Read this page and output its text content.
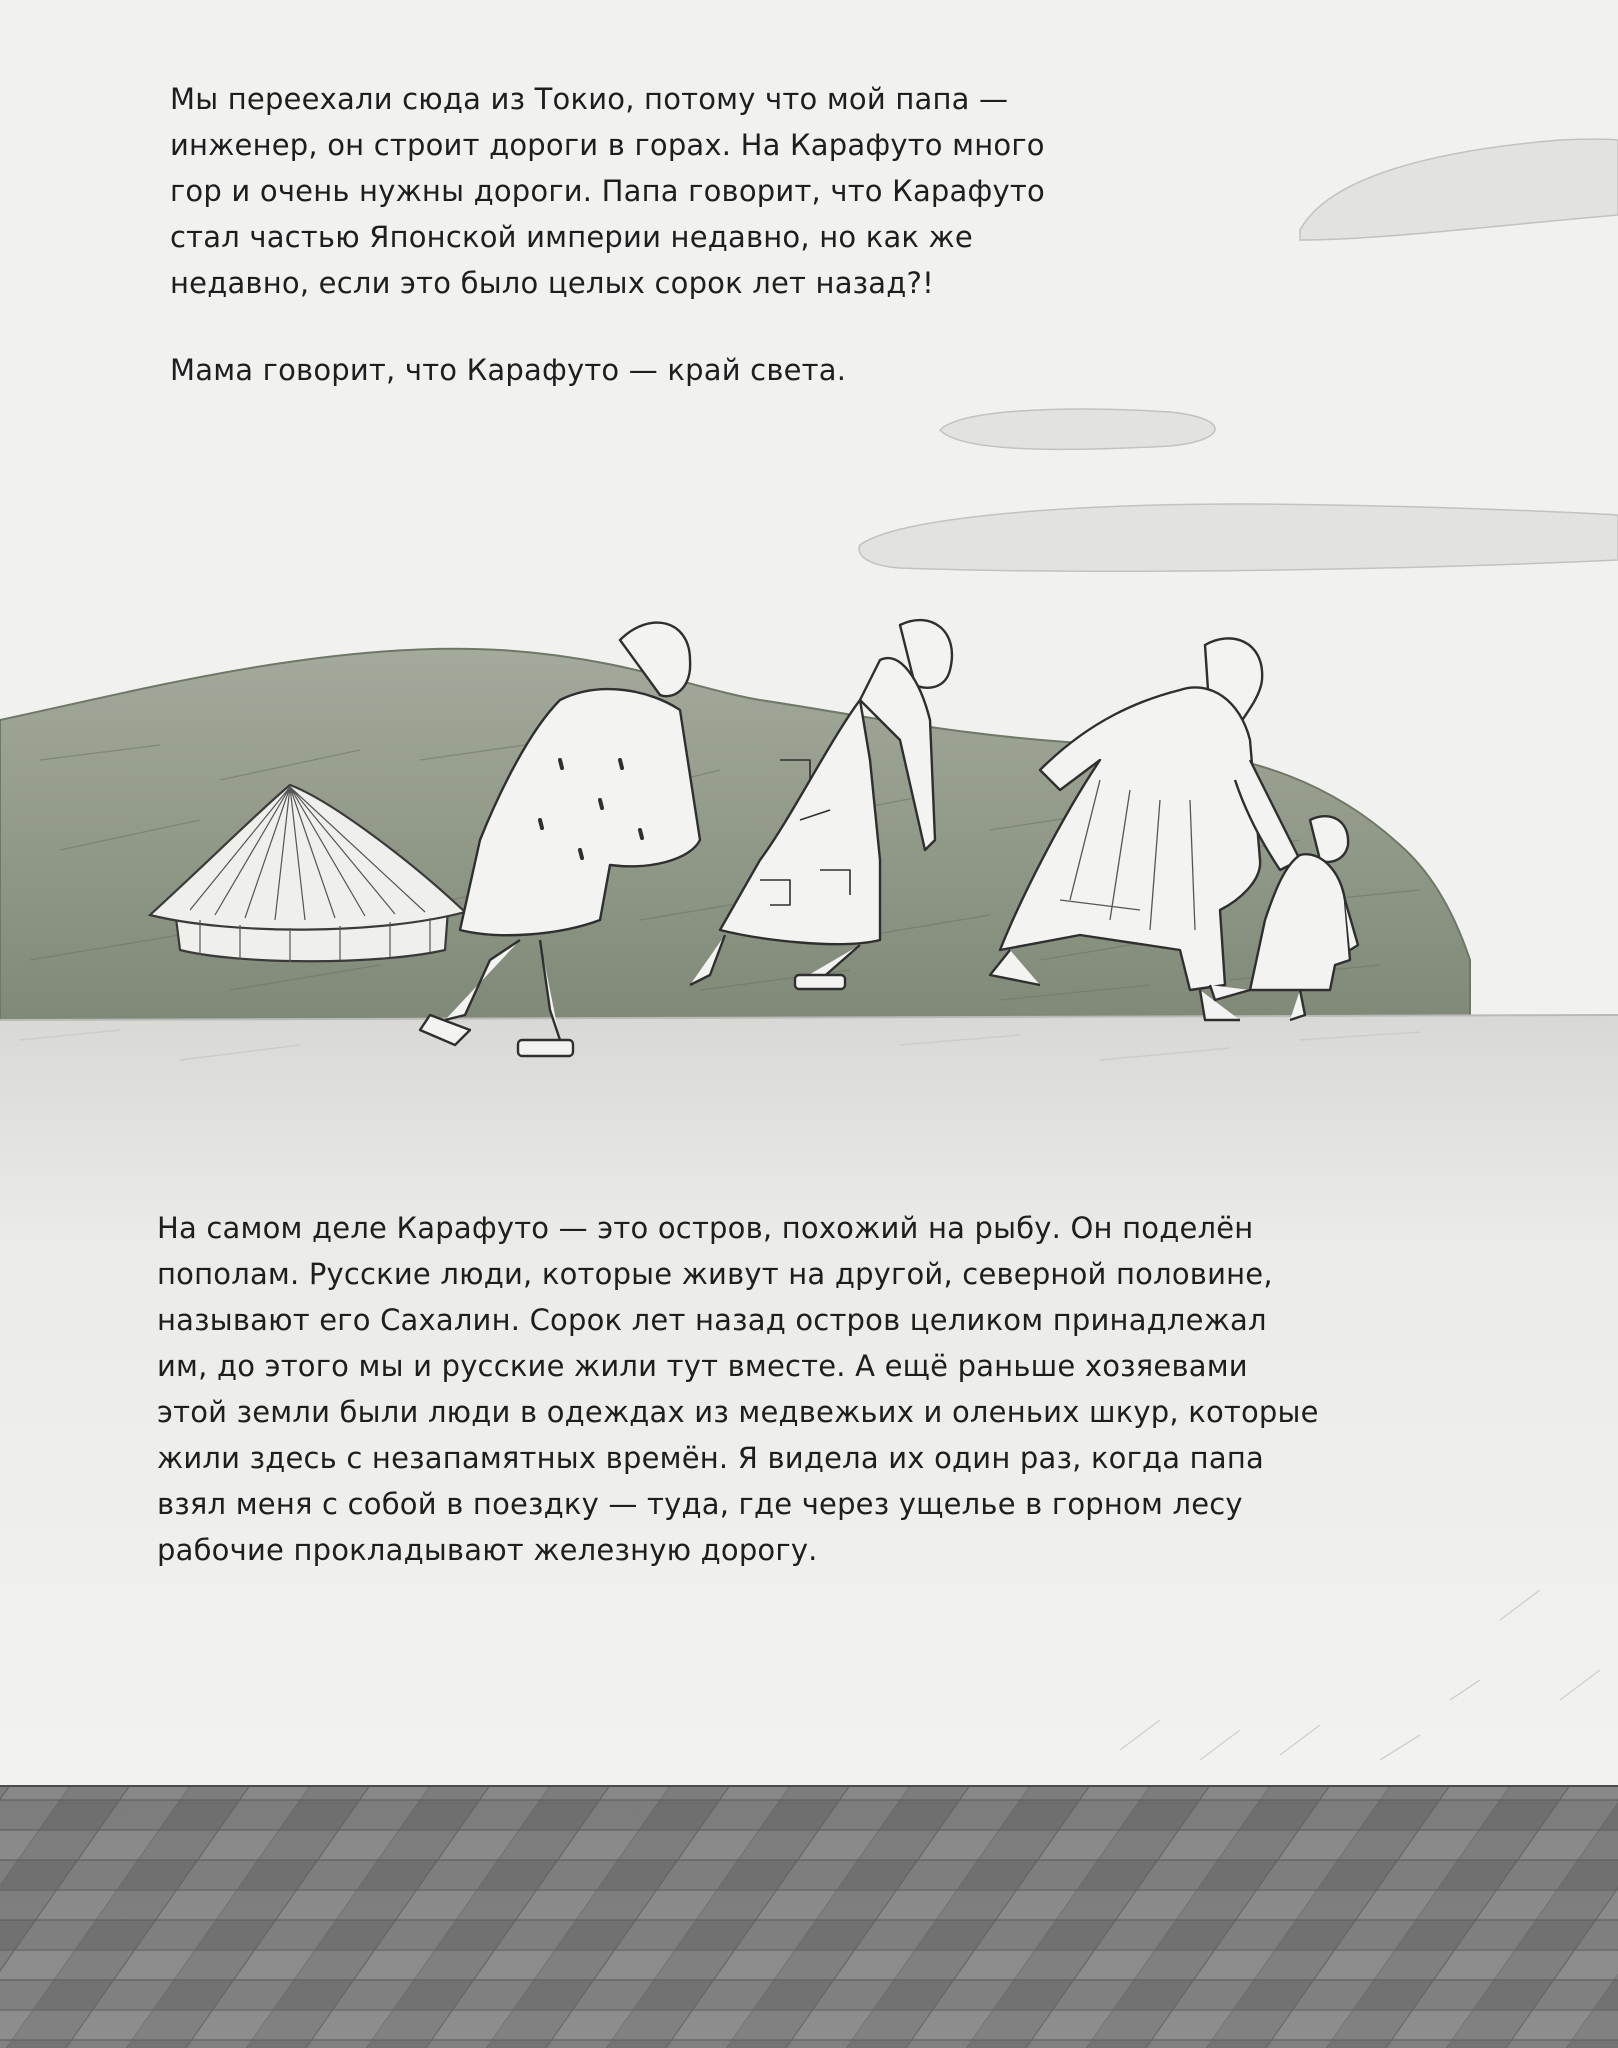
Мы переехали сюда из Токио, потому что мой папа —
инженер, он строит дороги в горах. На Карафуто много
гор и очень нужны дороги. Папа говорит, что Карафуто
стал частью Японской империи недавно, но как же
недавно, если это было целых сорок лет назад?!

Мама говорит, что Карафуто — край света.

На самом деле Карафуто — это остров, похожий на рыбу. Он поделён
пополам. Русские люди, которые живут на другой, северной половине,
называют его Сахалин. Сорок лет назад остров целиком принадлежал
им, до этого мы и русские жили тут вместе. А ещё раньше хозяевами
этой земли были люди в одеждах из медвежьих и оленьих шкур, которые
жили здесь с незапамятных времён. Я видела их один раз, когда папа
взял меня с собой в поездку — туда, где через ущелье в горном лесу
рабочие прокладывают железную дорогу.
